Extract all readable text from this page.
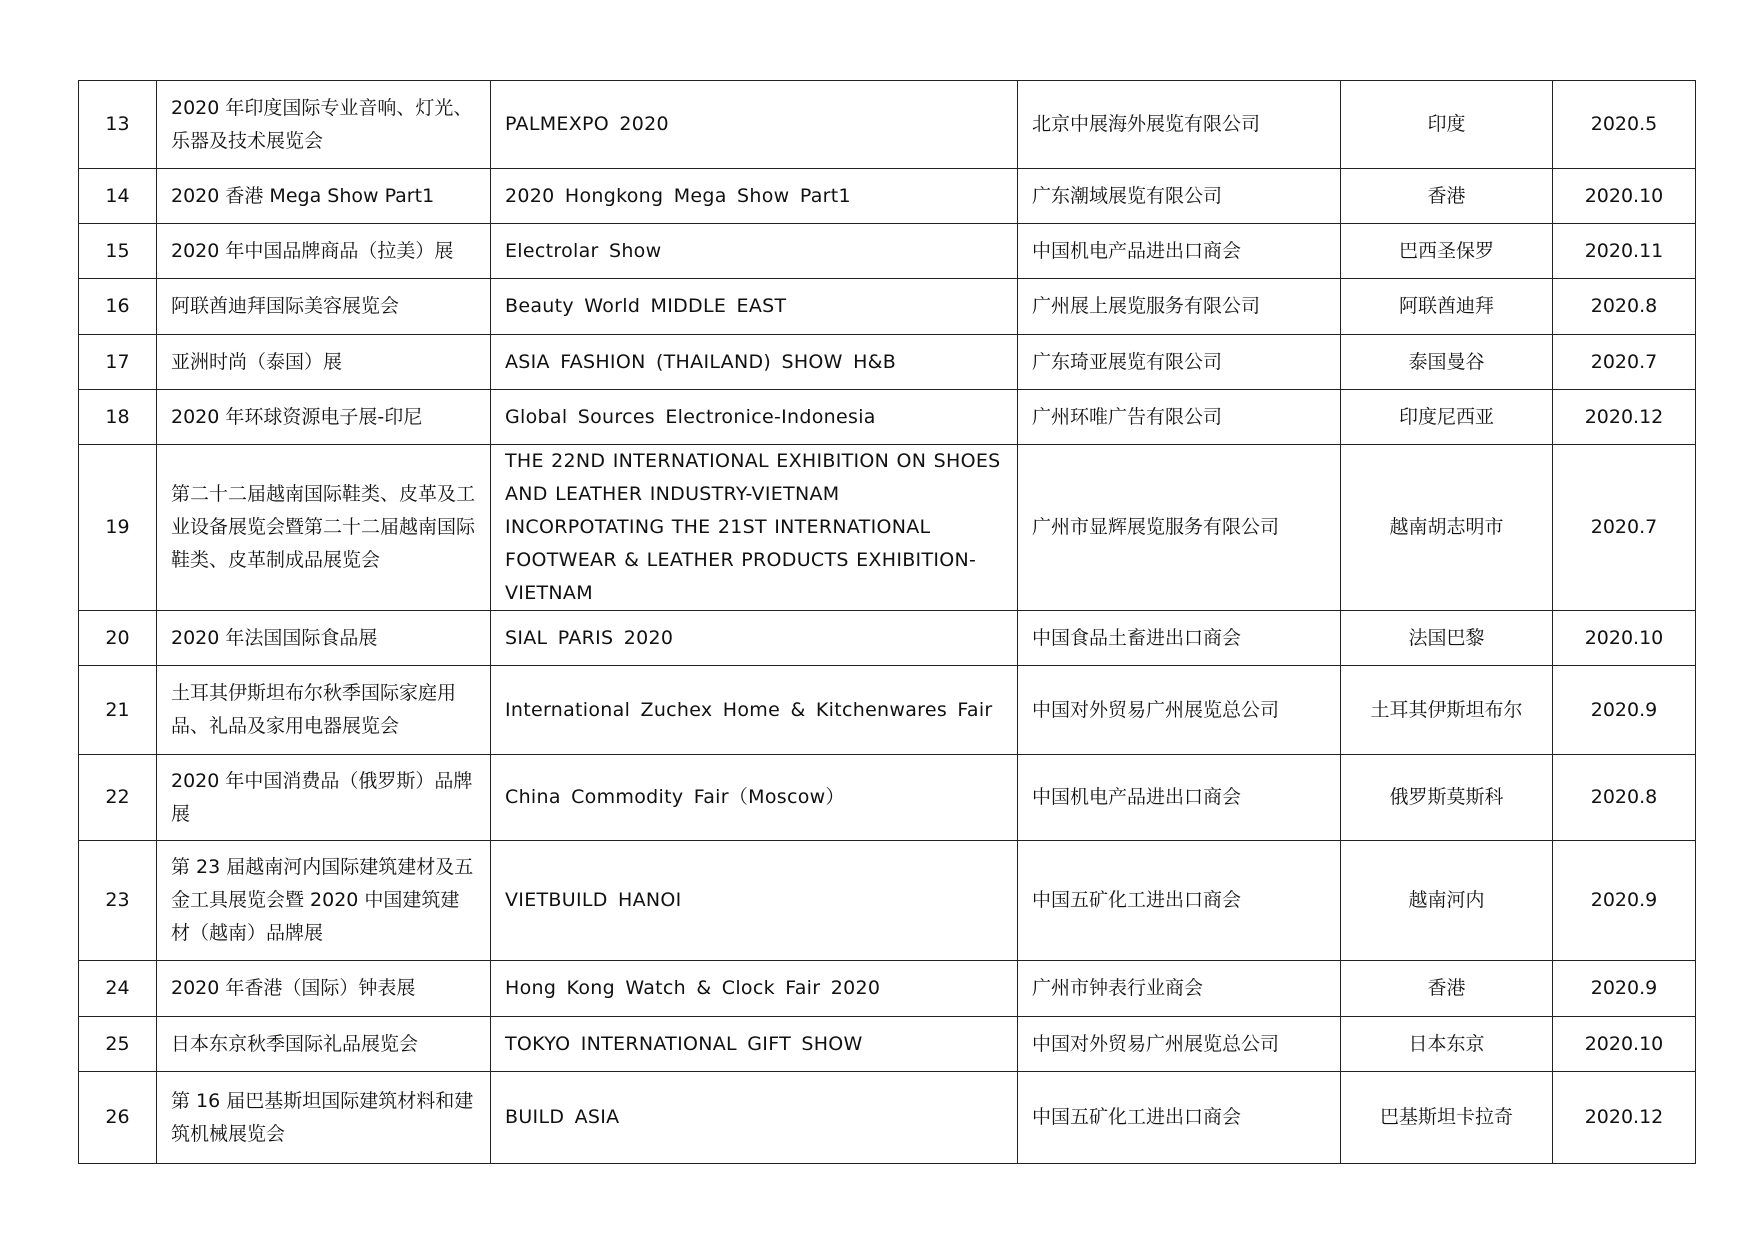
13	2020 年印度国际专业音响、灯光、乐器及技术展览会	PALMEXPO 2020	北京中展海外展览有限公司	印度	2020.5
14	2020 香港 Mega Show Part1	2020 Hongkong Mega Show Part1	广东潮域展览有限公司	香港	2020.10
15	2020 年中国品牌商品（拉美）展	Electrolar Show	中国机电产品进出口商会	巴西圣保罗	2020.11
16	阿联酋迪拜国际美容展览会	Beauty World MIDDLE EAST	广州展上展览服务有限公司	阿联酋迪拜	2020.8
17	亚洲时尚（泰国）展	ASIA FASHION (THAILAND) SHOW H&B	广东琦亚展览有限公司	泰国曼谷	2020.7
18	2020 年环球资源电子展-印尼	Global Sources Electronice-Indonesia	广州环唯广告有限公司	印度尼西亚	2020.12
19	第二十二届越南国际鞋类、皮革及工业设备展览会暨第二十二届越南国际鞋类、皮革制成品展览会	THE 22ND INTERNATIONAL EXHIBITION ON SHOES AND LEATHER INDUSTRY-VIETNAM INCORPOTATING THE 21ST INTERNATIONAL FOOTWEAR & LEATHER PRODUCTS EXHIBITION-VIETNAM	广州市显辉展览服务有限公司	越南胡志明市	2020.7
20	2020 年法国国际食品展	SIAL PARIS 2020	中国食品土畜进出口商会	法国巴黎	2020.10
21	土耳其伊斯坦布尔秋季国际家庭用品、礼品及家用电器展览会	International Zuchex Home & Kitchenwares Fair	中国对外贸易广州展览总公司	土耳其伊斯坦布尔	2020.9
22	2020 年中国消费品（俄罗斯）品牌展	China Commodity Fair（Moscow）	中国机电产品进出口商会	俄罗斯莫斯科	2020.8
23	第 23 届越南河内国际建筑建材及五金工具展览会暨 2020 中国建筑建材（越南）品牌展	VIETBUILD HANOI	中国五矿化工进出口商会	越南河内	2020.9
24	2020 年香港（国际）钟表展	Hong Kong Watch & Clock Fair 2020	广州市钟表行业商会	香港	2020.9
25	日本东京秋季国际礼品展览会	TOKYO INTERNATIONAL GIFT SHOW	中国对外贸易广州展览总公司	日本东京	2020.10
26	第 16 届巴基斯坦国际建筑材料和建筑机械展览会	BUILD ASIA	中国五矿化工进出口商会	巴基斯坦卡拉奇	2020.12
